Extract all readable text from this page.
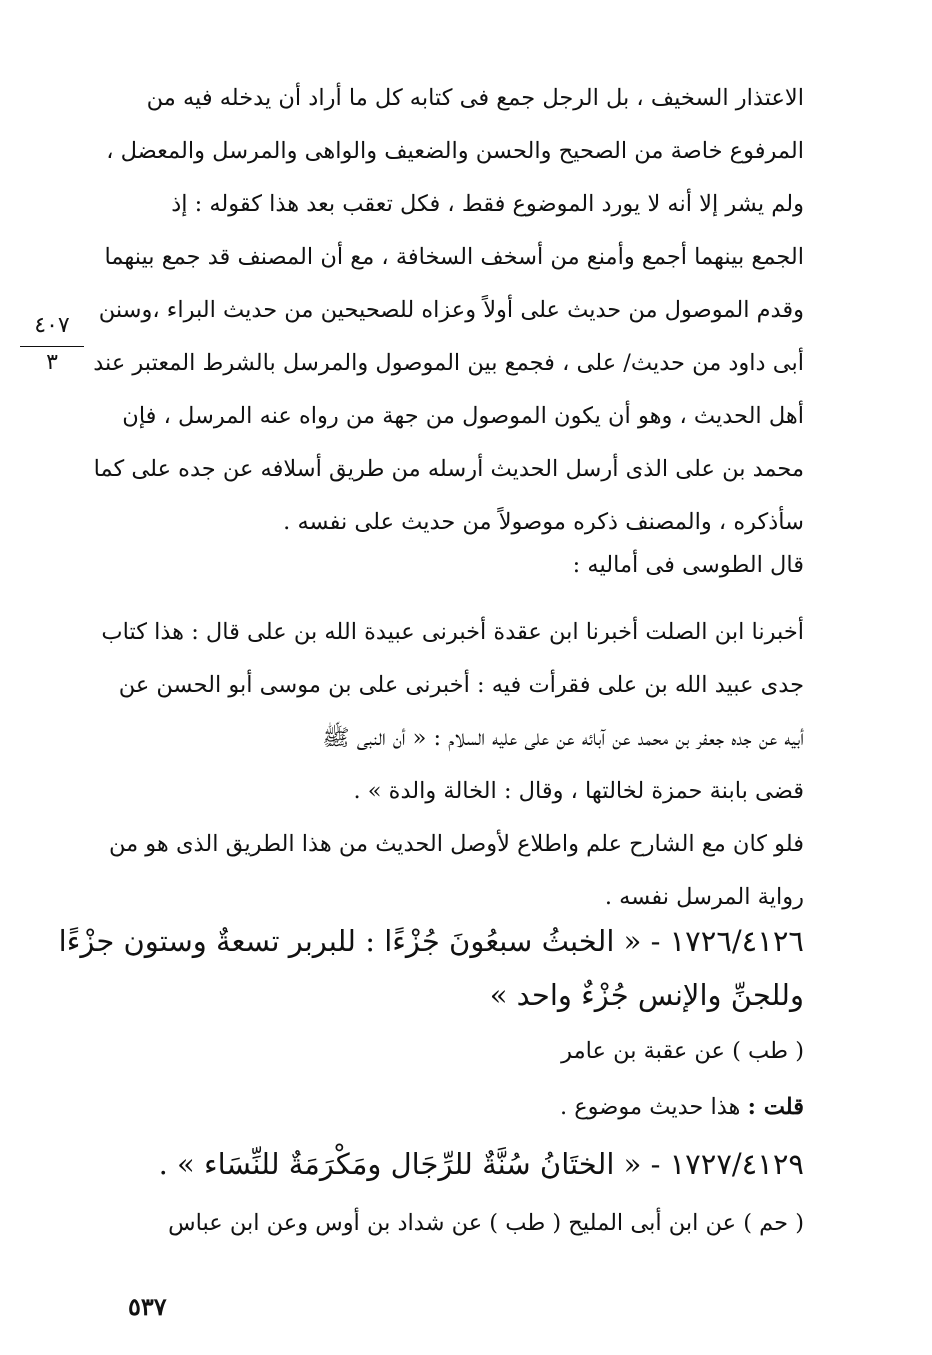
الاعتذار السخيف ، بل الرجل جمع فى كتابه كل ما أراد أن يدخله فيه من
المرفوع خاصة من الصحيح والحسن والضعيف والواهى والمرسل والمعضل ،
ولم يشر إلا أنه لا يورد الموضوع فقط ، فكل تعقب بعد هذا كقوله : إذ
الجمع بينهما أجمع وأمنع من أسخف السخافة ، مع أن المصنف قد جمع بينهما
وقدم الموصول من حديث على أولاً وعزاه للصحيحين من حديث البراء ،وسنن
أبى داود من حديث/ على ، فجمع بين الموصول والمرسل بالشرط المعتبر عند
أهل الحديث ، وهو أن يكون الموصول من جهة من رواه عنه المرسل ، فإن
محمد بن على الذى أرسل الحديث أرسله من طريق أسلافه عن جده على كما
سأذكره ، والمصنف ذكره موصولاً من حديث على نفسه .
قال الطوسى فى أماليه :
أخبرنا ابن الصلت أخبرنا ابن عقدة أخبرنى عبيدة الله بن على قال : هذا كتاب
جدى عبيد الله بن على فقرأت فيه : أخبرنى على بن موسى أبو الحسن عن
أبيه عن جده جعفر بن محمد عن آبائه عن على عليه السلام : « أن النبى ﷺ
قضى بابنة حمزة لخالتها ، وقال : الخالة والدة » .
فلو كان مع الشارح علم واطلاع لأوصل الحديث من هذا الطريق الذى هو من
رواية المرسل نفسه .
١٧٢٦/٤١٢٦ - « الخبثُ سبعُونَ جُزْءًا : للبربر تسعةٌ وستون جزْءًا
وللجنِّ والإنس جُزْءٌ واحد »
( طب ) عن عقبة بن عامر
قلت : هذا حديث موضوع .
١٧٢٧/٤١٢٩ - « الختَانُ سُنَّةٌ للرِّجَال ومَكْرَمَةٌ للنِّسَاء » .
( حم ) عن ابن أبى المليح ( طب ) عن شداد بن أوس وعن ابن عباس
٤٠٧
٣
٥٣٧
